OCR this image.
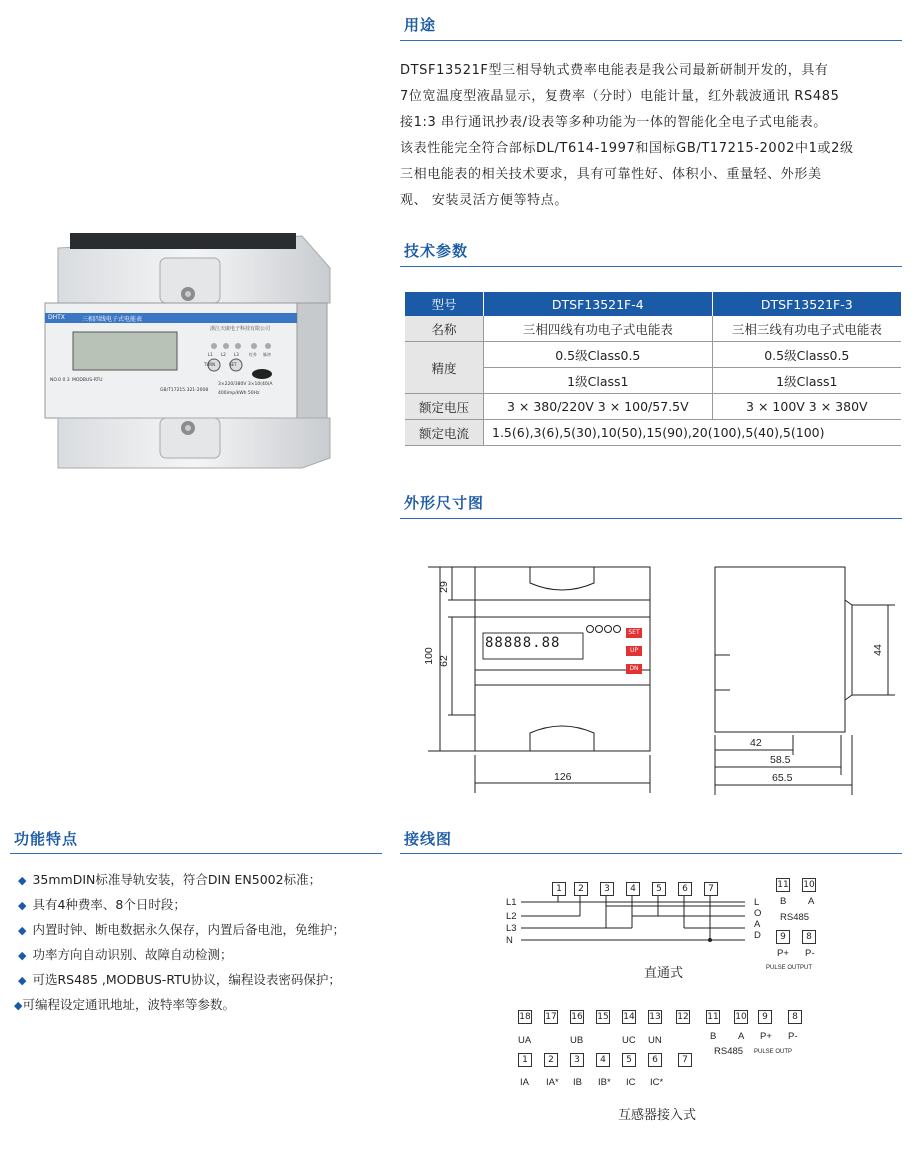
用途

DTSF13521F型三相导轨式费率电能表是我公司最新研制开发的，具有

7位宽温度型液晶显示，复费率（分时）电能计量，红外载波通讯 RS485

接1:3 串行通讯抄表/设表等多种功能为一体的智能化全电子式电能表。

该表性能完全符合部标DL/T614-1997和国标GB/T17215-2002中1或2级

三相电能表的相关技术要求，具有可靠性好、体积小、重量轻、外形美

观、 安装灵活方便等特点。

DHTX	三相四线电子式电能表
浙江天康电子科技有限公司
TURN	SET
L1 L2 L3	红外 脉冲
3×220/380V 3×10(40)A
400imp/kWh 50Hz
NO.0 0 3 MODBUS-RTU
GB/T17215.321-2008
技术参数
型号	DTSF13521F-4	DTSF13521F-3
名称	三相四线有功电子式电能表	三相三线有功电子式电能表
精度	0.5级Class0.5	0.5级Class0.5
	1级Class1	1级Class1
额定电压	3 × 380/220V 3 × 100/57.5V	3 × 100V 3 × 380V
额定电流	1.5(6),3(6),5(30),10(50),15(90),20(100),5(40),5(100)	
外形尺寸图
88888.88
SET
UP
DN
29
100 62
126
44
42
58.5
65.5
功能特点
◆ 35mmDIN标准导轨安装，符合DIN EN5002标准；
◆ 具有4种费率、8个日时段；
◆ 内置时钟、断电数据永久保存，内置后备电池，免维护；
◆ 功率方向自动识别、故障自动检测；
◆ 可选RS485 ,MODBUS-RTU协议，编程设表密码保护；
◆可编程设定通讯地址，波特率等参数。
接线图
1	2	3	4	5	6	7
L1
L2
L3
N
L
O
A
D
11 10
B A
RS485
9	8
P+ P-
PULSE OUTPUT
直通式
18 17 16 15 14 13 12 11 10	9	8
UA	UB	UC UN	B A
RS485
P+ P-
PULSE OUTP
1	2	3	4	5	6	7
IA IA* IB IB* IC IC*
互感器接入式
